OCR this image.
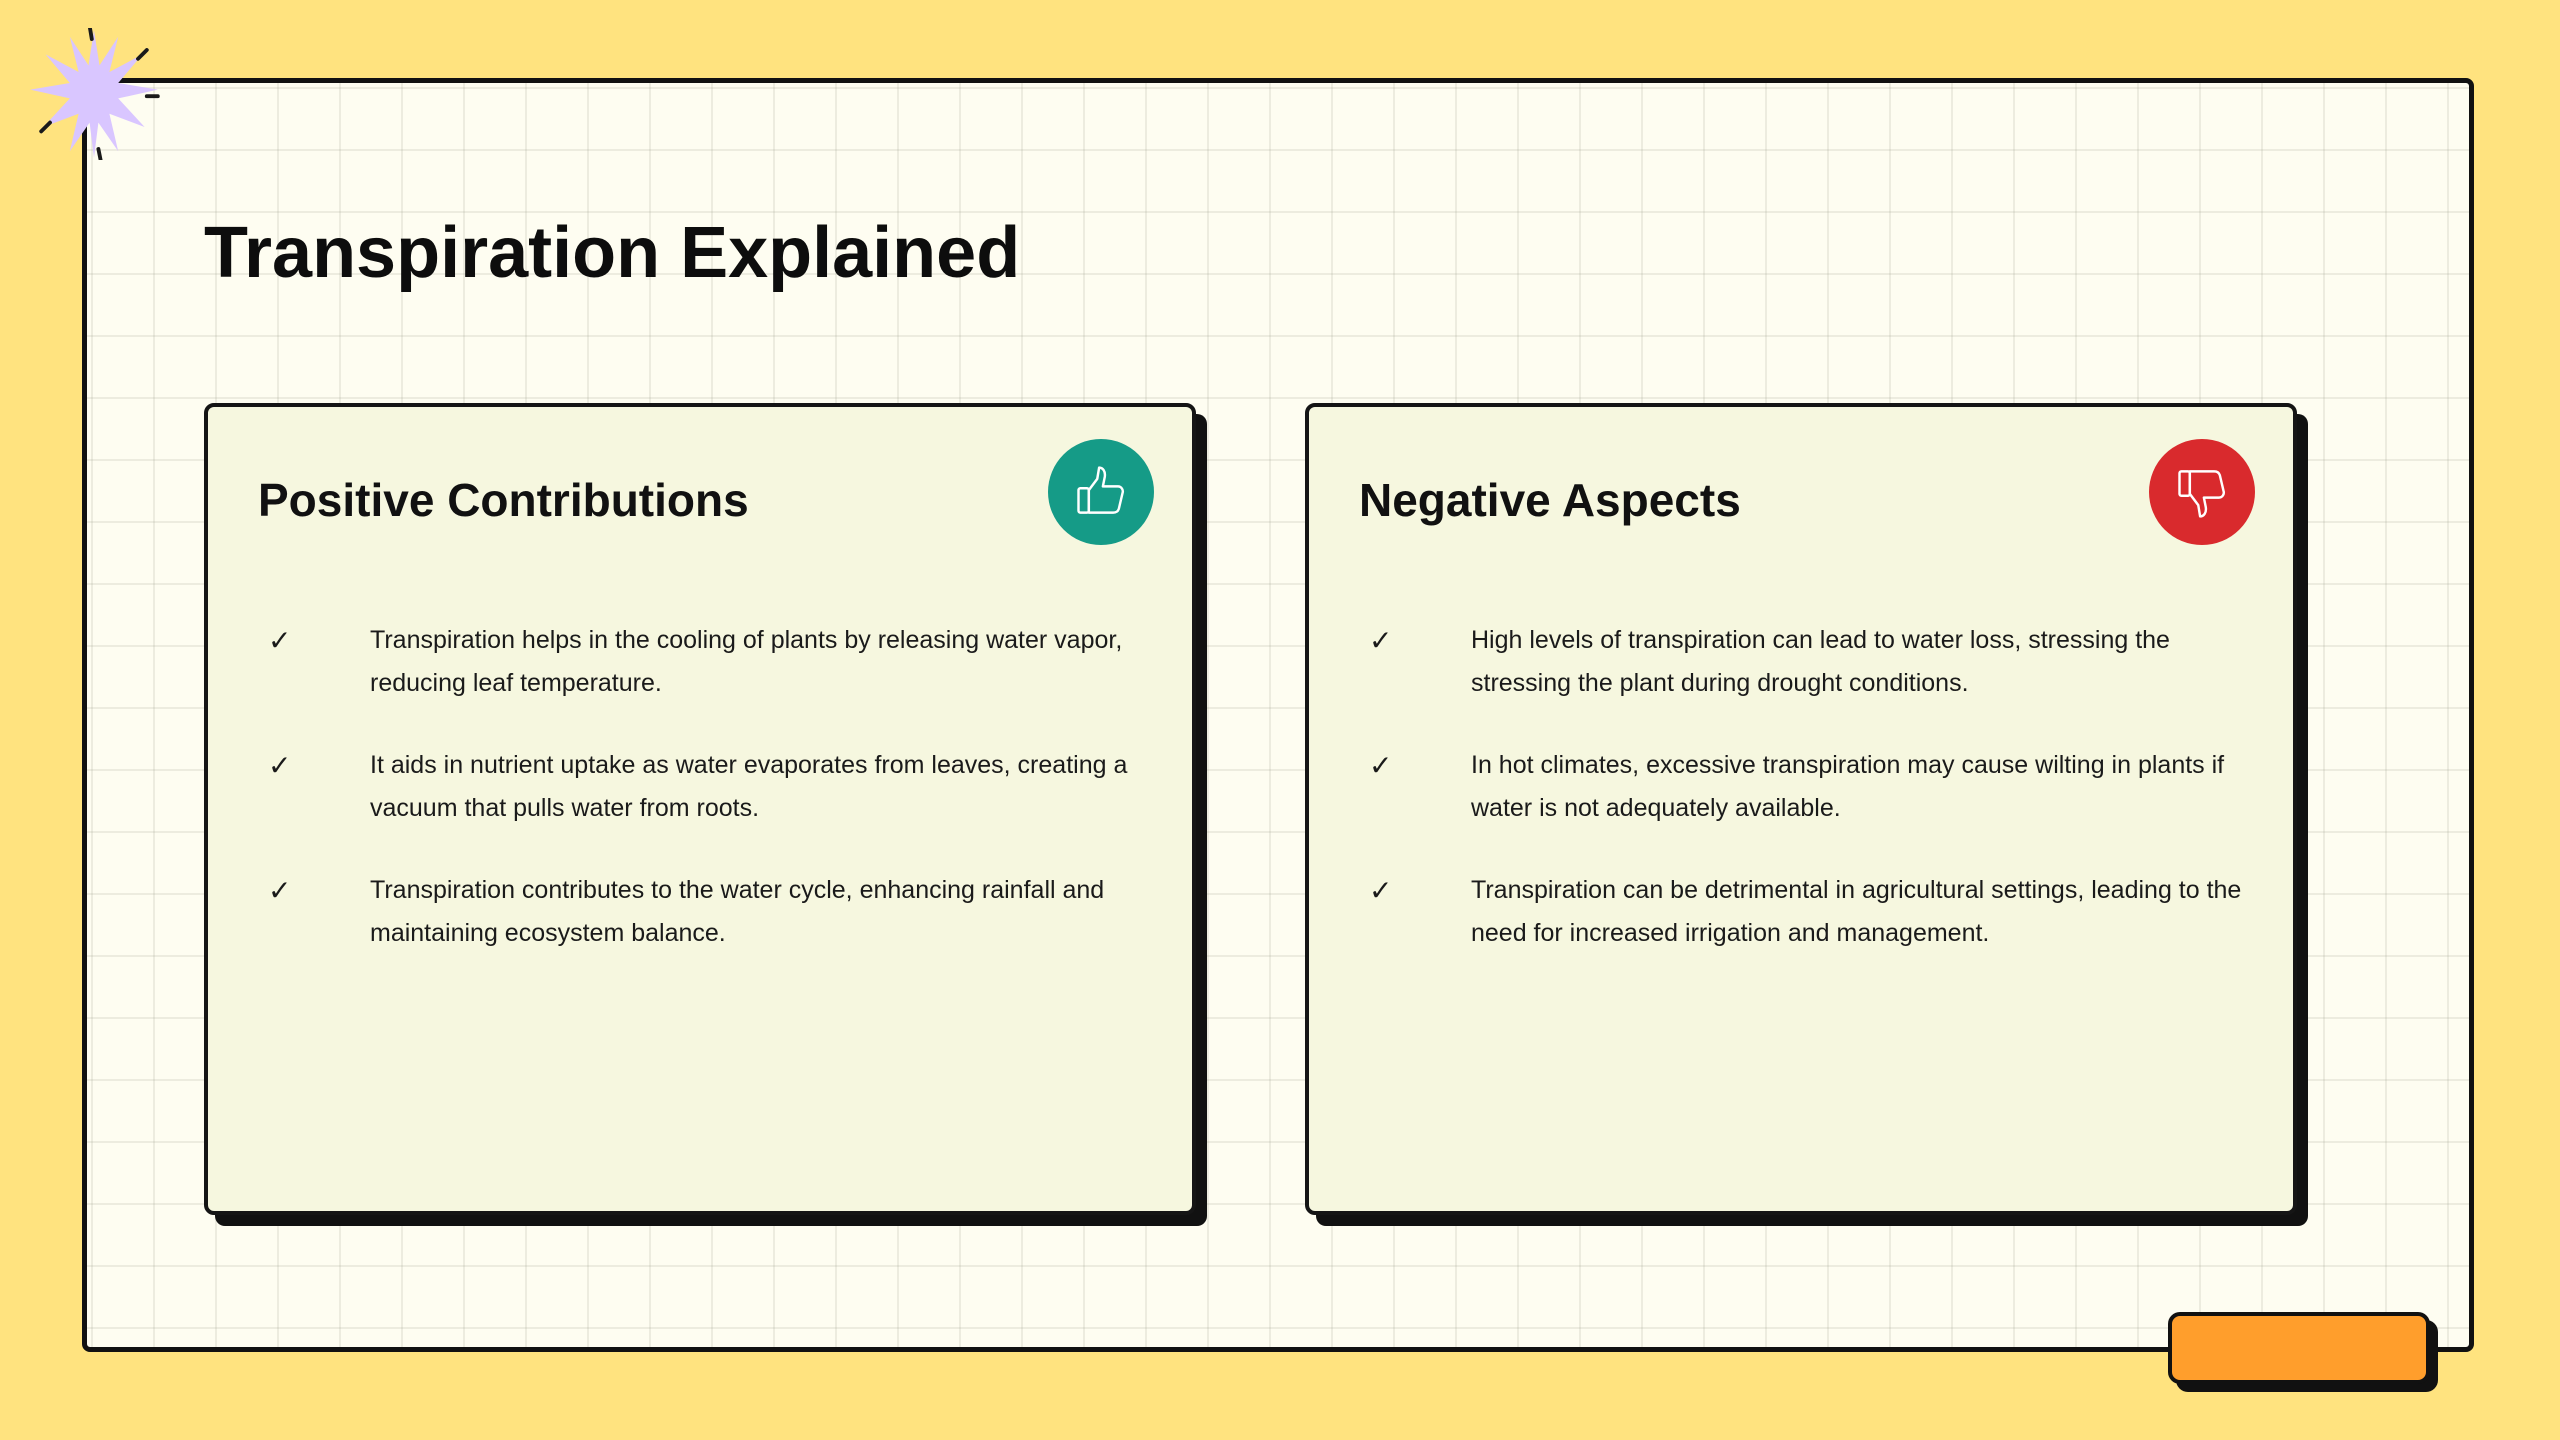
Transpiration Explained
Positive Contributions
✓	Transpiration helps in the cooling of plants by releasing water vapor, reducing leaf temperature.
✓	It aids in nutrient uptake as water evaporates from leaves, creating a vacuum that pulls water from roots.
✓	Transpiration contributes to the water cycle, enhancing rainfall and maintaining ecosystem balance.
Negative Aspects
✓	High levels of transpiration can lead to water loss, stressing the stressing the plant during drought conditions.
✓	In hot climates, excessive transpiration may cause wilting in plants if water is not adequately available.
✓	Transpiration can be detrimental in agricultural settings, leading to the need for increased irrigation and management.
